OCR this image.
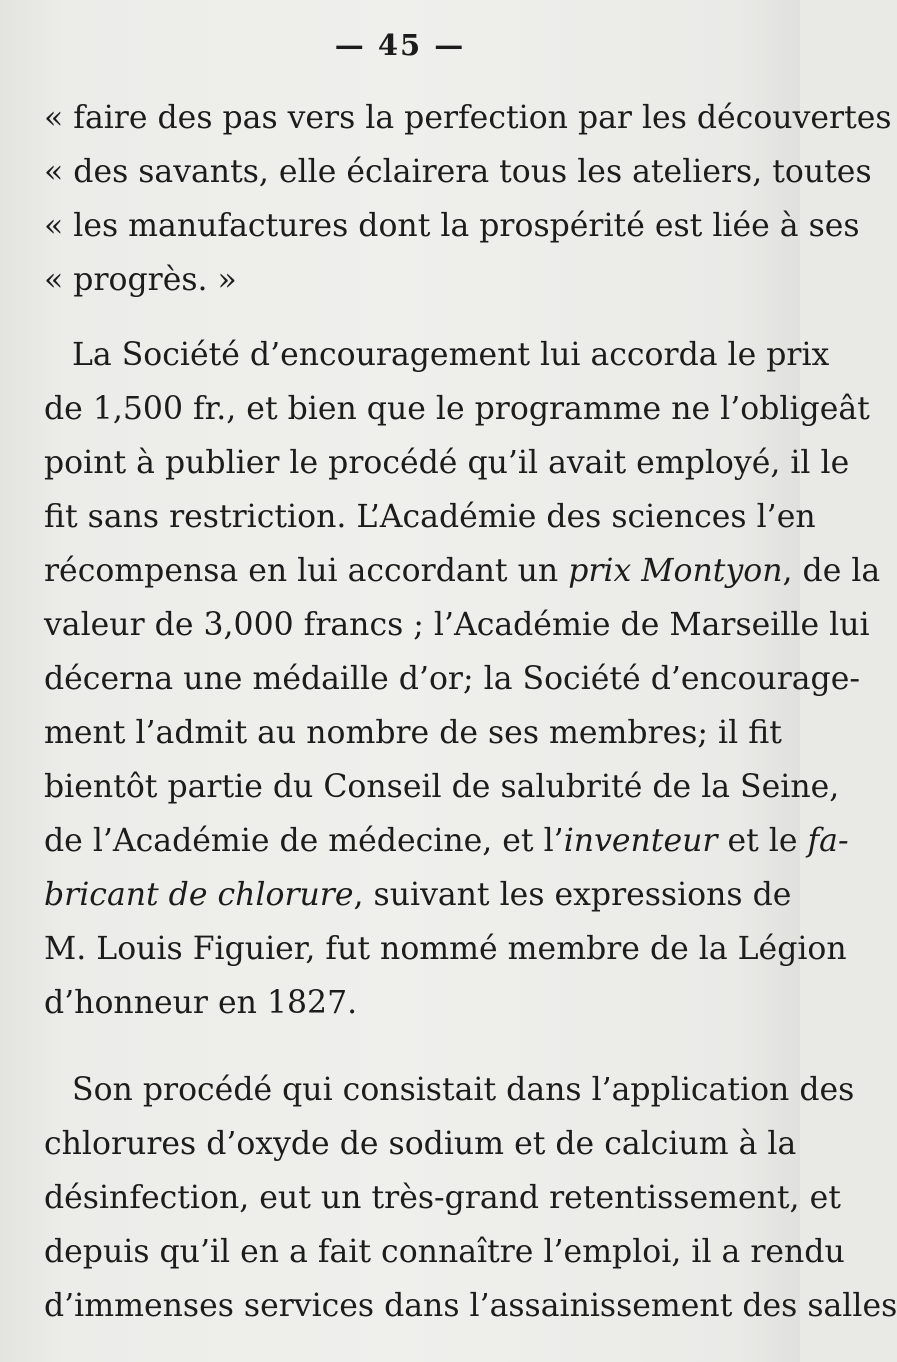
— 45 —
« faire des pas vers la perfection par les découvertes
« des savants, elle éclairera tous les ateliers, toutes
« les manufactures dont la prospérité est liée à ses
« progrès. »
La Société d’encouragement lui accorda le prix
de 1,500 fr., et bien que le programme ne l’obligeât
point à publier le procédé qu’il avait employé, il le
fit sans restriction. L’Académie des sciences l’en
récompensa en lui accordant un prix Montyon, de la
valeur de 3,000 francs ; l’Académie de Marseille lui
décerna une médaille d’or; la Société d’encourage-
ment l’admit au nombre de ses membres; il fit
bientôt partie du Conseil de salubrité de la Seine,
de l’Académie de médecine, et l’inventeur et le fa-
bricant de chlorure, suivant les expressions de
M. Louis Figuier, fut nommé membre de la Légion
d’honneur en 1827.
Son procédé qui consistait dans l’application des
chlorures d’oxyde de sodium et de calcium à la
désinfection, eut un très-grand retentissement, et
depuis qu’il en a fait connaître l’emploi, il a rendu
d’immenses services dans l’assainissement des salles
